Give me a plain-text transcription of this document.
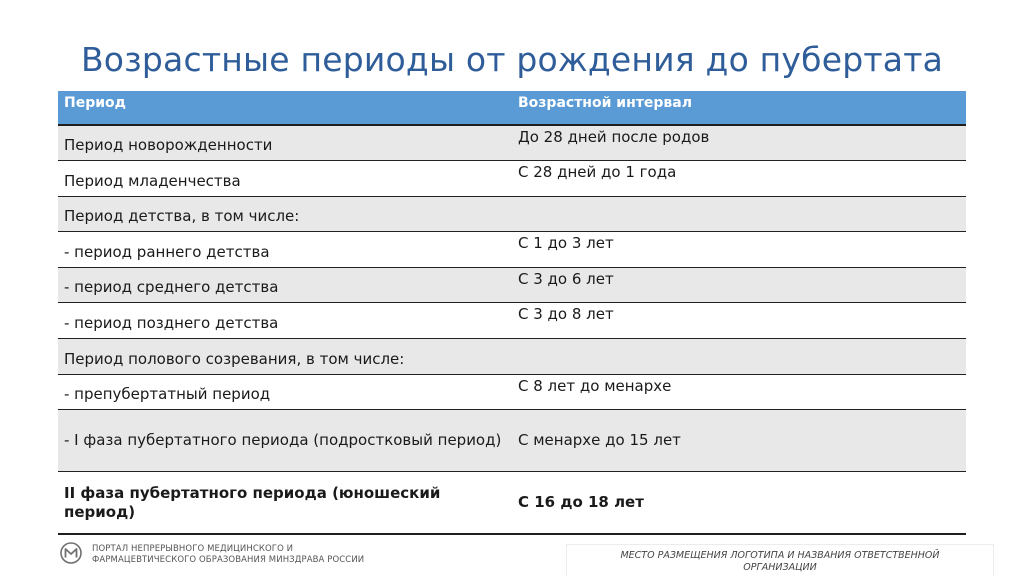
Возрастные периоды от рождения до пубертата
Период	Возрастной интервал
Период новорожденности	До 28 дней после родов
Период младенчества	С 28 дней до 1 года
Период детства, в том числе:	
- период раннего детства	С 1 до 3 лет
- период среднего детства	С 3 до 6 лет
- период позднего детства	С 3 до 8 лет
Период полового созревания, в том числе:	
- препубертатный период	С 8 лет до менархе
- I фаза пубертатного периода (подростковый период)	С менархе до 15 лет
II фаза пубертатного периода (юношеский период)	С 16 до 18 лет
ПОРТАЛ НЕПРЕРЫВНОГО МЕДИЦИНСКОГО И
ФАРМАЦЕВТИЧЕСКОГО ОБРАЗОВАНИЯ МИНЗДРАВА РОССИИ	МЕСТО РАЗМЕЩЕНИЯ ЛОГОТИПА И НАЗВАНИЯ ОТВЕТСТВЕННОЙ
ОРГАНИЗАЦИИ
